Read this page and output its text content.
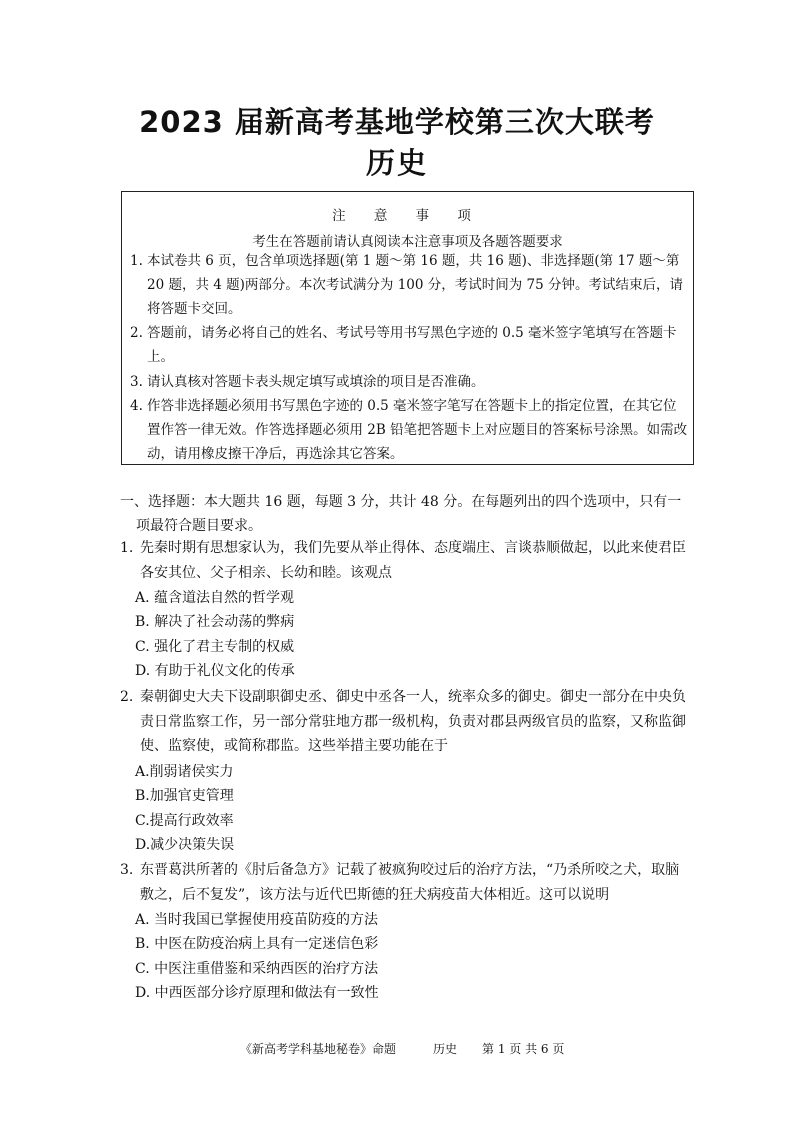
2023 届新高考基地学校第三次大联考
历史
注 意 事 项
考生在答题前请认真阅读本注意事项及各题答题要求
1. 本试卷共 6 页，包含单项选择题(第 1 题～第 16 题，共 16 题)、非选择题(第 17 题～第 20 题，共 4 题)两部分。本次考试满分为 100 分，考试时间为 75 分钟。考试结束后，请将答题卡交回。
2. 答题前，请务必将自己的姓名、考试号等用书写黑色字迹的 0.5 毫米签字笔填写在答题卡上。
3. 请认真核对答题卡表头规定填写或填涂的项目是否准确。
4. 作答非选择题必须用书写黑色字迹的 0.5 毫米签字笔写在答题卡上的指定位置，在其它位置作答一律无效。作答选择题必须用 2B 铅笔把答题卡上对应题目的答案标号涂黑。如需改动，请用橡皮擦干净后，再选涂其它答案。
一、选择题：本大题共 16 题，每题 3 分，共计 48 分。在每题列出的四个选项中，只有一项最符合题目要求。
1. 先秦时期有思想家认为，我们先要从举止得体、态度端庄、言谈恭顺做起，以此来使君臣各安其位、父子相亲、长幼和睦。该观点
A. 蕴含道法自然的哲学观
B. 解决了社会动荡的弊病
C. 强化了君主专制的权威
D. 有助于礼仪文化的传承
2. 秦朝御史大夫下设副职御史丞、御史中丞各一人，统率众多的御史。御史一部分在中央负责日常监察工作，另一部分常驻地方郡一级机构，负责对郡县两级官员的监察，又称监御使、监察使，或简称郡监。这些举措主要功能在于
A.削弱诸侯实力
B.加强官吏管理
C.提高行政效率
D.减少决策失误
3. 东晋葛洪所著的《肘后备急方》记载了被疯狗咬过后的治疗方法，“乃杀所咬之犬，取脑敷之，后不复发”，该方法与近代巴斯德的狂犬病疫苗大体相近。这可以说明
A. 当时我国已掌握使用疫苗防疫的方法
B. 中医在防疫治病上具有一定迷信色彩
C. 中医注重借鉴和采纳西医的治疗方法
D. 中西医部分诊疗原理和做法有一致性
《新高考学科基地秘卷》命题	历史 第 1 页 共 6 页
